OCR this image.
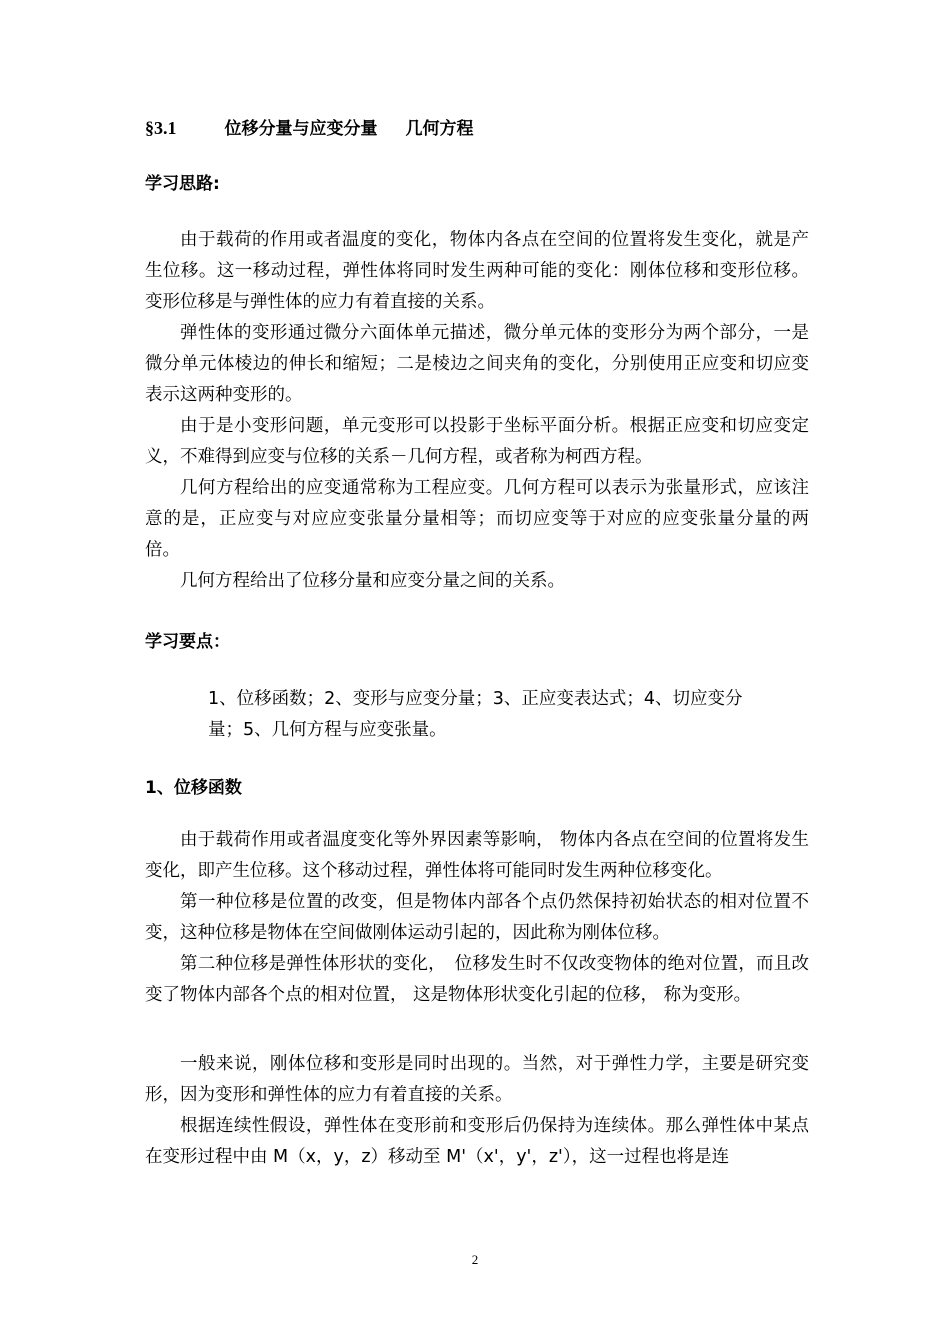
§3.1	位移分量与应变分量 几何方程
学习思路:

由于载荷的作用或者温度的变化，物体内各点在空间的位置将发生变化，就是产生位移。这一移动过程，弹性体将同时发生两种可能的变化：刚体位移和变形位移。变形位移是与弹性体的应力有着直接的关系。

弹性体的变形通过微分六面体单元描述，微分单元体的变形分为两个部分，一是微分单元体棱边的伸长和缩短；二是棱边之间夹角的变化，分别使用正应变和切应变表示这两种变形的。

由于是小变形问题，单元变形可以投影于坐标平面分析。根据正应变和切应变定义，不难得到应变与位移的关系－几何方程，或者称为柯西方程。

几何方程给出的应变通常称为工程应变。几何方程可以表示为张量形式，应该注意的是，正应变与对应应变张量分量相等；而切应变等于对应的应变张量分量的两倍。

几何方程给出了位移分量和应变分量之间的关系。

学习要点：

1、位移函数；2、变形与应变分量；3、正应变表达式；4、切应变分量；5、几何方程与应变张量。

1、位移函数

由于载荷作用或者温度变化等外界因素等影响， 物体内各点在空间的位置将发生变化，即产生位移。这个移动过程，弹性体将可能同时发生两种位移变化。

第一种位移是位置的改变，但是物体内部各个点仍然保持初始状态的相对位置不变，这种位移是物体在空间做刚体运动引起的，因此称为刚体位移。

第二种位移是弹性体形状的变化，　位移发生时不仅改变物体的绝对位置，而且改变了物体内部各个点的相对位置， 这是物体形状变化引起的位移， 称为变形。

一般来说，刚体位移和变形是同时出现的。当然，对于弹性力学，主要是研究变形，因为变形和弹性体的应力有着直接的关系。

根据连续性假设，弹性体在变形前和变形后仍保持为连续体。那么弹性体中某点在变形过程中由 M（x，y，z）移动至 M'（x'，y'，z'），这一过程也将是连

2
